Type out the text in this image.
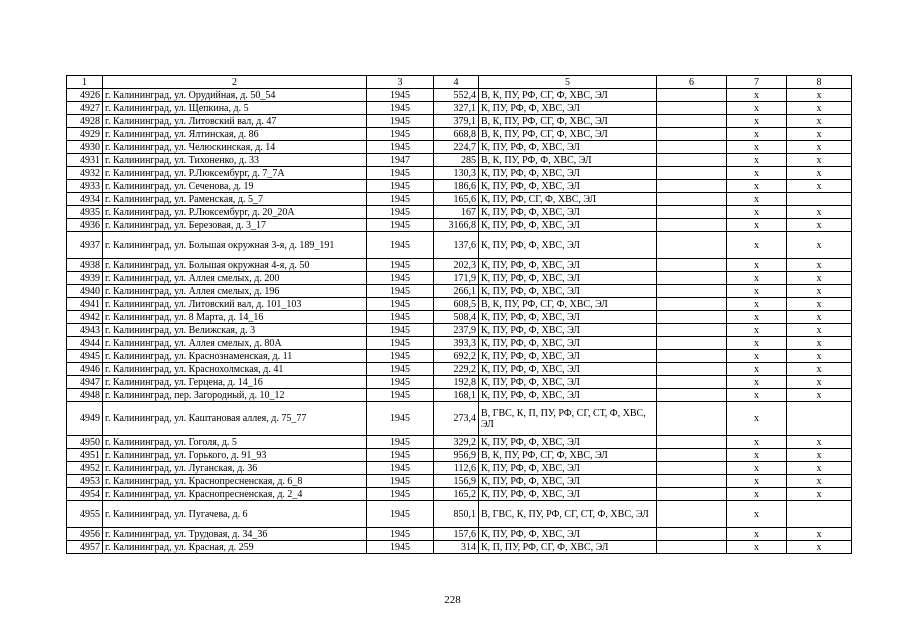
1	2	3	4	5	6	7	8
4926	г. Калининград, ул. Орудийная, д. 50_54	1945	552,4	В, К, ПУ, РФ, СГ, Ф, ХВС, ЭЛ		x	x
4927	г. Калининград, ул. Щепкина, д. 5	1945	327,1	К, ПУ, РФ, Ф, ХВС, ЭЛ		x	x
4928	г. Калининград, ул. Литовский вал, д. 47	1945	379,1	В, К, ПУ, РФ, СГ, Ф, ХВС, ЭЛ		x	x
4929	г. Калининград, ул. Ялтинская, д. 86	1945	668,8	В, К, ПУ, РФ, СГ, Ф, ХВС, ЭЛ		x	x
4930	г. Калининград, ул. Челюскинская, д. 14	1945	224,7	К, ПУ, РФ, Ф, ХВС, ЭЛ		x	x
4931	г. Калининград, ул. Тихоненко, д. 33	1947	285	В, К, ПУ, РФ, Ф, ХВС, ЭЛ		x	x
4932	г. Калининград, ул. Р.Люксембург, д. 7_7А	1945	130,3	К, ПУ, РФ, Ф, ХВС, ЭЛ		x	x
4933	г. Калининград, ул. Сеченова, д. 19	1945	186,6	К, ПУ, РФ, Ф, ХВС, ЭЛ		x	x
4934	г. Калининград, ул. Раменская, д. 5_7	1945	165,6	К, ПУ, РФ, СГ, Ф, ХВС, ЭЛ		x	
4935	г. Калининград, ул. Р.Люксембург, д. 20_20А	1945	167	К, ПУ, РФ, Ф, ХВС, ЭЛ		x	x
4936	г. Калининград, ул. Березовая, д. 3_17	1945	3166,8	К, ПУ, РФ, Ф, ХВС, ЭЛ		x	x
4937	г. Калининград, ул. Большая окружная 3-я, д. 189_191	1945	137,6	К, ПУ, РФ, Ф, ХВС, ЭЛ		x	x
4938	г. Калининград, ул. Большая окружная 4-я, д. 50	1945	202,3	К, ПУ, РФ, Ф, ХВС, ЭЛ		x	x
4939	г. Калининград, ул. Аллея смелых, д. 200	1945	171,9	К, ПУ, РФ, Ф, ХВС, ЭЛ		x	x
4940	г. Калининград, ул. Аллея смелых, д. 196	1945	266,1	К, ПУ, РФ, Ф, ХВС, ЭЛ		x	x
4941	г. Калининград, ул. Литовский вал, д. 101_103	1945	608,5	В, К, ПУ, РФ, СГ, Ф, ХВС, ЭЛ		x	x
4942	г. Калининград, ул. 8 Марта, д. 14_16	1945	508,4	К, ПУ, РФ, Ф, ХВС, ЭЛ		x	x
4943	г. Калининград, ул. Велижская, д. 3	1945	237,9	К, ПУ, РФ, Ф, ХВС, ЭЛ		x	x
4944	г. Калининград, ул. Аллея смелых, д. 80А	1945	393,3	К, ПУ, РФ, Ф, ХВС, ЭЛ		x	x
4945	г. Калининград, ул. Краснознаменская, д. 11	1945	692,2	К, ПУ, РФ, Ф, ХВС, ЭЛ		x	x
4946	г. Калининград, ул. Краснохолмская, д. 41	1945	229,2	К, ПУ, РФ, Ф, ХВС, ЭЛ		x	x
4947	г. Калининград, ул. Герцена, д. 14_16	1945	192,8	К, ПУ, РФ, Ф, ХВС, ЭЛ		x	x
4948	г. Калининград, пер. Загородный, д. 10_12	1945	168,1	К, ПУ, РФ, Ф, ХВС, ЭЛ		x	x
4949	г. Калининград, ул. Каштановая аллея, д. 75_77	1945	273,4	В, ГВС, К, П, ПУ, РФ, СГ, СТ, Ф, ХВС, ЭЛ		x	
4950	г. Калининград, ул. Гоголя, д. 5	1945	329,2	К, ПУ, РФ, Ф, ХВС, ЭЛ		x	x
4951	г. Калининград, ул. Горького, д. 91_93	1945	956,9	В, К, ПУ, РФ, СГ, Ф, ХВС, ЭЛ		x	x
4952	г. Калининград, ул. Луганская, д. 36	1945	112,6	К, ПУ, РФ, Ф, ХВС, ЭЛ		x	x
4953	г. Калининград, ул. Краснопресненская, д. 6_8	1945	156,9	К, ПУ, РФ, Ф, ХВС, ЭЛ		x	x
4954	г. Калининград, ул. Краснопресненская, д. 2_4	1945	165,2	К, ПУ, РФ, Ф, ХВС, ЭЛ		x	x
4955	г. Калининград, ул. Пугачева, д. 6	1945	850,1	В, ГВС, К, ПУ, РФ, СГ, СТ, Ф, ХВС, ЭЛ		x	
4956	г. Калининград, ул. Трудовая, д. 34_36	1945	157,6	К, ПУ, РФ, Ф, ХВС, ЭЛ		x	x
4957	г. Калининград, ул. Красная, д. 259	1945	314	К, П, ПУ, РФ, СГ, Ф, ХВС, ЭЛ		x	x
228
